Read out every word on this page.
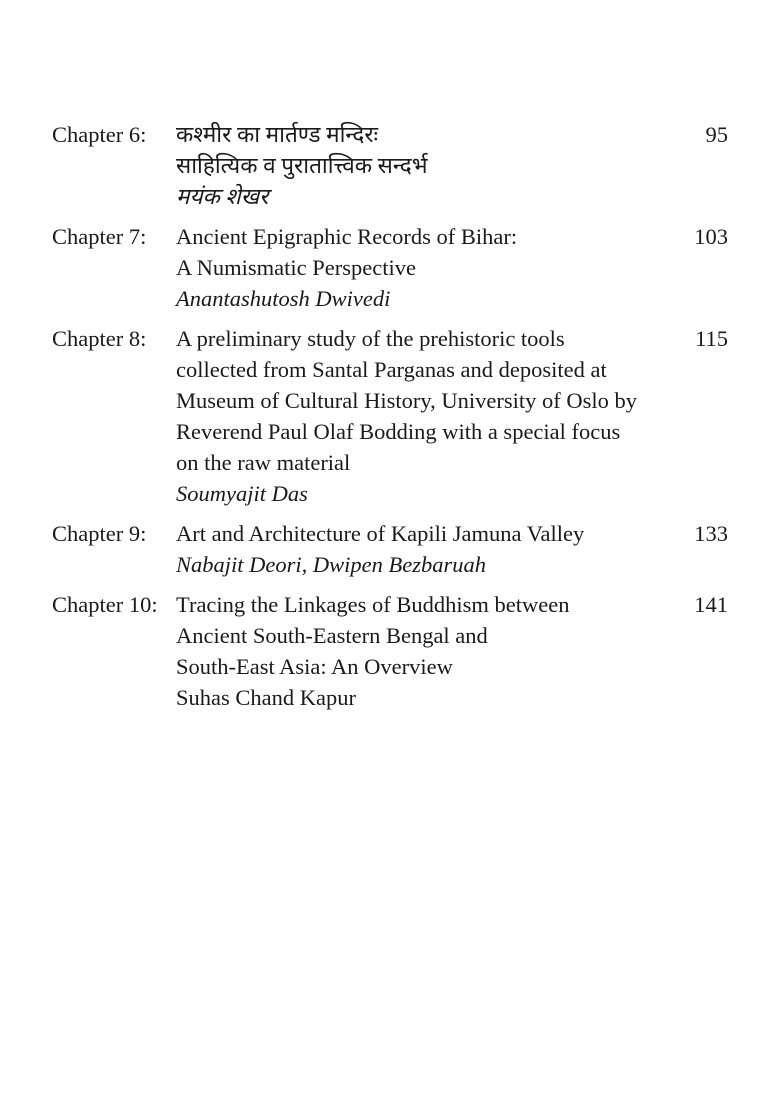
Chapter 6:	कश्मीर का मार्तण्ड मन्दिरः
साहित्यिक व पुरातात्त्विक सन्दर्भ
मयंक शेखर
95
Chapter 7:	Ancient Epigraphic Records of Bihar:
A Numismatic Perspective
Anantashutosh Dwivedi
103
Chapter 8:	A preliminary study of the prehistoric tools
collected from Santal Parganas and deposited at
Museum of Cultural History, University of Oslo by
Reverend Paul Olaf Bodding with a special focus
on the raw material
Soumyajit Das
115
Chapter 9:	Art and Architecture of Kapili Jamuna Valley
Nabajit Deori, Dwipen Bezbaruah
133
Chapter 10: Tracing the Linkages of Buddhism between
Ancient South-Eastern Bengal and
South-East Asia: An Overview
Suhas Chand Kapur
141
